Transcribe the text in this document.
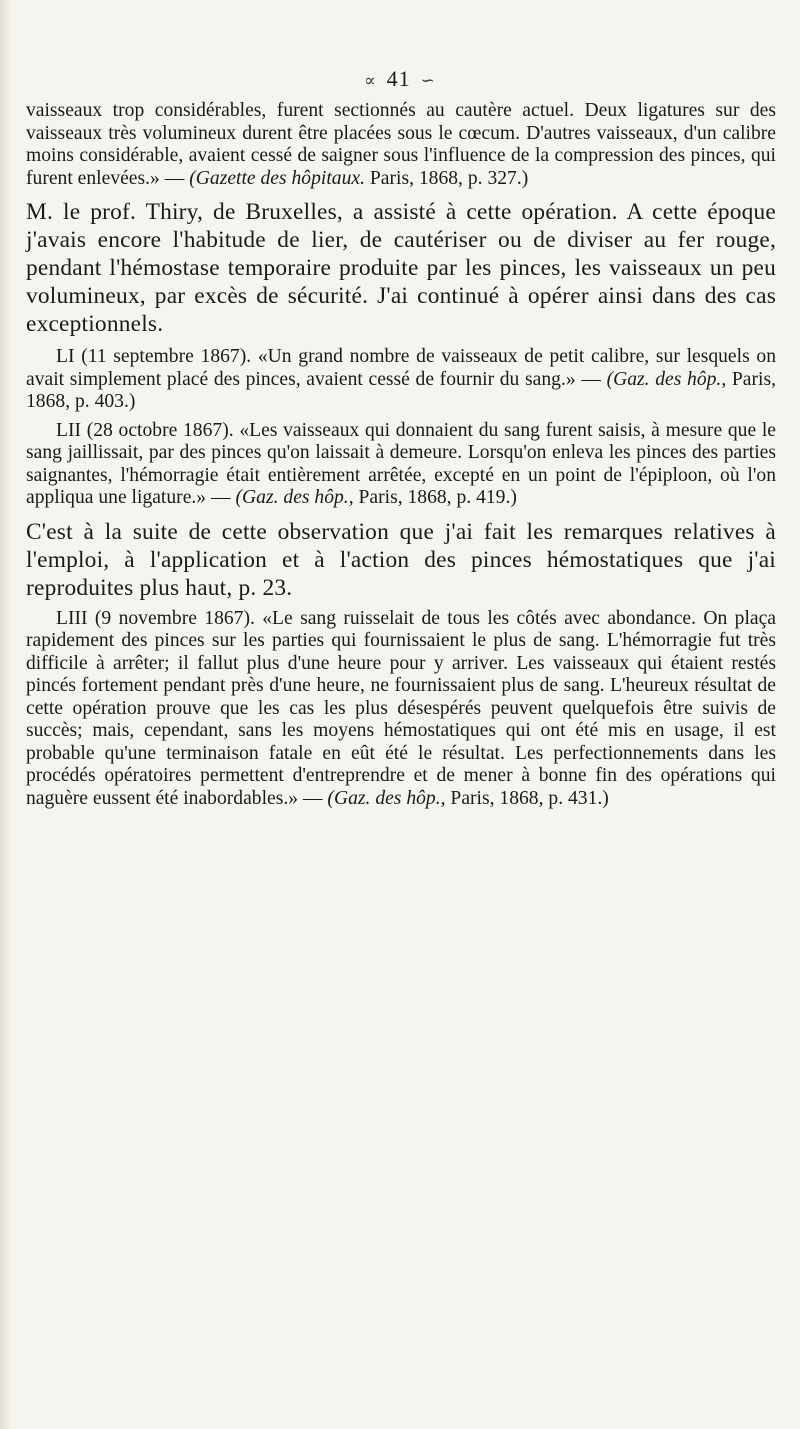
∝ 41 ∽

vaisseaux trop considérables, furent sectionnés au cautère actuel. Deux ligatures sur des vaisseaux très volumineux durent être placées sous le cœcum. D'autres vaisseaux, d'un calibre moins considérable, avaient cessé de saigner sous l'influence de la compression des pinces, qui furent enlevées.» — (Gazette des hôpitaux. Paris, 1868, p. 327.)

M. le prof. Thiry, de Bruxelles, a assisté à cette opération. A cette époque j'avais encore l'habitude de lier, de cautériser ou de diviser au fer rouge, pendant l'hémostase temporaire produite par les pinces, les vaisseaux un peu volumineux, par excès de sécurité. J'ai continué à opérer ainsi dans des cas exceptionnels.

LI (11 septembre 1867). «Un grand nombre de vaisseaux de petit calibre, sur lesquels on avait simplement placé des pinces, avaient cessé de fournir du sang.» — (Gaz. des hôp., Paris, 1868, p. 403.)

LII (28 octobre 1867). «Les vaisseaux qui donnaient du sang furent saisis, à mesure que le sang jaillissait, par des pinces qu'on laissait à demeure. Lorsqu'on enleva les pinces des parties saignantes, l'hémorragie était entièrement arrêtée, excepté en un point de l'épiploon, où l'on appliqua une ligature.» — (Gaz. des hôp., Paris, 1868, p. 419.)

C'est à la suite de cette observation que j'ai fait les remarques relatives à l'emploi, à l'application et à l'action des pinces hémostatiques que j'ai reproduites plus haut, p. 23.

LIII (9 novembre 1867). «Le sang ruisselait de tous les côtés avec abondance. On plaça rapidement des pinces sur les parties qui fournissaient le plus de sang. L'hémorragie fut très difficile à arrêter; il fallut plus d'une heure pour y arriver. Les vaisseaux qui étaient restés pincés fortement pendant près d'une heure, ne fournissaient plus de sang. L'heureux résultat de cette opération prouve que les cas les plus désespérés peuvent quelquefois être suivis de succès; mais, cependant, sans les moyens hémostatiques qui ont été mis en usage, il est probable qu'une terminaison fatale en eût été le résultat. Les perfectionnements dans les procédés opératoires permettent d'entreprendre et de mener à bonne fin des opérations qui naguère eussent été inabordables.» — (Gaz. des hôp., Paris, 1868, p. 431.)
